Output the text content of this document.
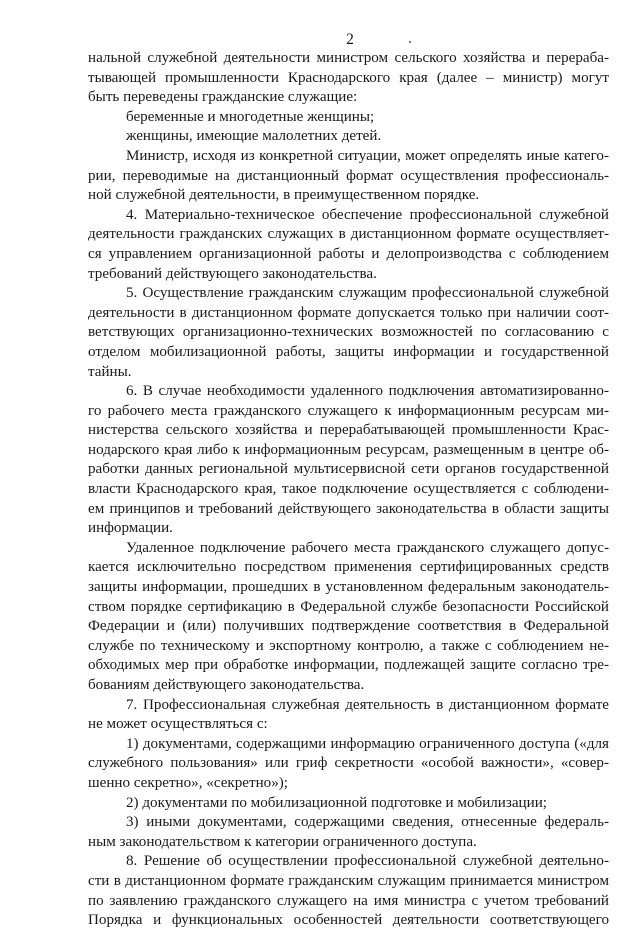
2
нальной служебной деятельности министром сельского хозяйства и перераба-
тывающей промышленности Краснодарского края (далее – министр) могут
быть переведены гражданские служащие:
беременные и многодетные женщины;
женщины, имеющие малолетних детей.
Министр, исходя из конкретной ситуации, может определять иные катего-
рии, переводимые на дистанционный формат осуществления профессиональ-
ной служебной деятельности, в преимущественном порядке.
4. Материально-техническое обеспечение профессиональной служебной
деятельности гражданских служащих в дистанционном формате осуществляет-
ся управлением организационной работы и делопроизводства с соблюдением
требований действующего законодательства.
5. Осуществление гражданским служащим профессиональной служебной
деятельности в дистанционном формате допускается только при наличии соот-
ветствующих организационно-технических возможностей по согласованию с
отделом мобилизационной работы, защиты информации и государственной
тайны.
6. В случае необходимости удаленного подключения автоматизированно-
го рабочего места гражданского служащего к информационным ресурсам ми-
нистерства сельского хозяйства и перерабатывающей промышленности Крас-
нодарского края либо к информационным ресурсам, размещенным в центре об-
работки данных региональной мультисервисной сети органов государственной
власти Краснодарского края, такое подключение осуществляется с соблюдени-
ем принципов и требований действующего законодательства в области защиты
информации.
Удаленное подключение рабочего места гражданского служащего допус-
кается исключительно посредством применения сертифицированных средств
защиты информации, прошедших в установленном федеральным законодатель-
ством порядке сертификацию в Федеральной службе безопасности Российской
Федерации и (или) получивших подтверждение соответствия в Федеральной
службе по техническому и экспортному контролю, а также с соблюдением не-
обходимых мер при обработке информации, подлежащей защите согласно тре-
бованиям действующего законодательства.
7. Профессиональная служебная деятельность в дистанционном формате
не может осуществляться с:
1) документами, содержащими информацию ограниченного доступа («для
служебного пользования» или гриф секретности «особой важности», «совер-
шенно секретно», «секретно»);
2) документами по мобилизационной подготовке и мобилизации;
3) иными документами, содержащими сведения, отнесенные федераль-
ным законодательством к категории ограниченного доступа.
8. Решение об осуществлении профессиональной служебной деятельно-
сти в дистанционном формате гражданским служащим принимается министром
по заявлению гражданского служащего на имя министра с учетом требований
Порядка и функциональных особенностей деятельности соответствующего
